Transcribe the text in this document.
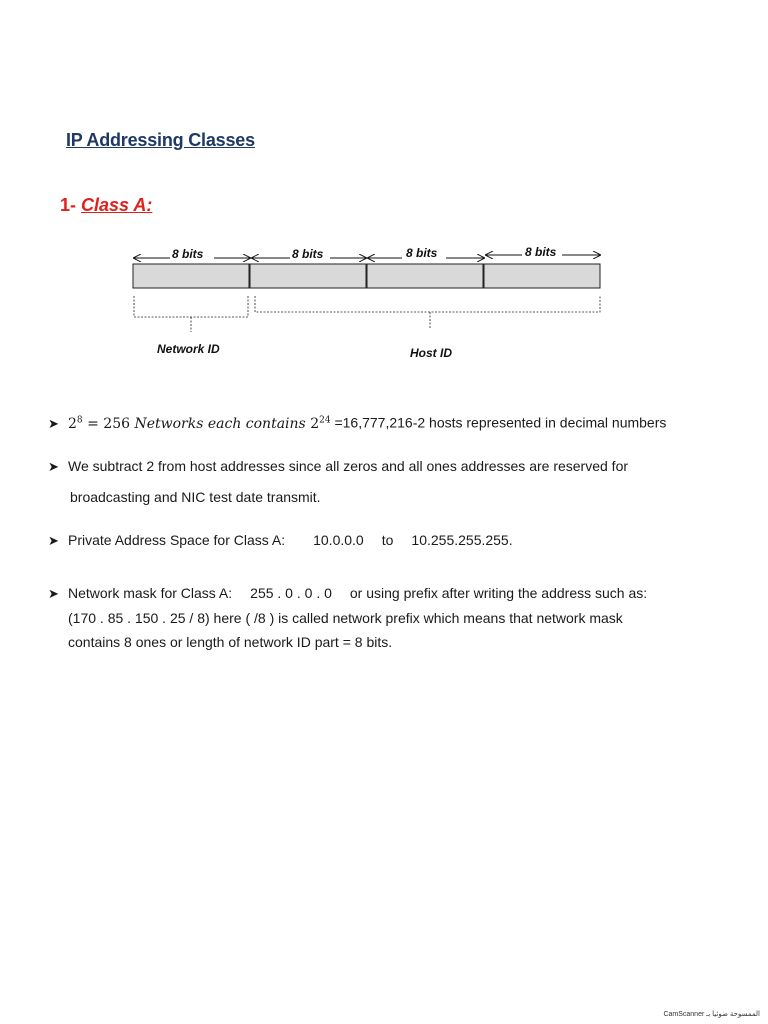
IP Addressing Classes
1- Class A:
8 bits	8 bits	8 bits	8 bits
Network ID	Host ID
➤ $2^8 = 256$ Networks each contains $2^{24} =16,777,216-2$ hosts represented in decimal numbers
➤ We subtract 2 from host addresses since all zeros and all ones addresses are reserved for
broadcasting and NIC test date transmit.
➤ Private Address Space for Class A: 10.0.0.0 to 10.255.255.255.
➤ Network mask for Class A: 255 . 0 . 0 . 0 or using prefix after writing the address such as:
(170 . 85 . 150 . 25 / 8) here ( /8 ) is called network prefix which means that network mask
contains 8 ones or length of network ID part = 8 bits.
CamScanner الممسوحة ضوئيا بـ
